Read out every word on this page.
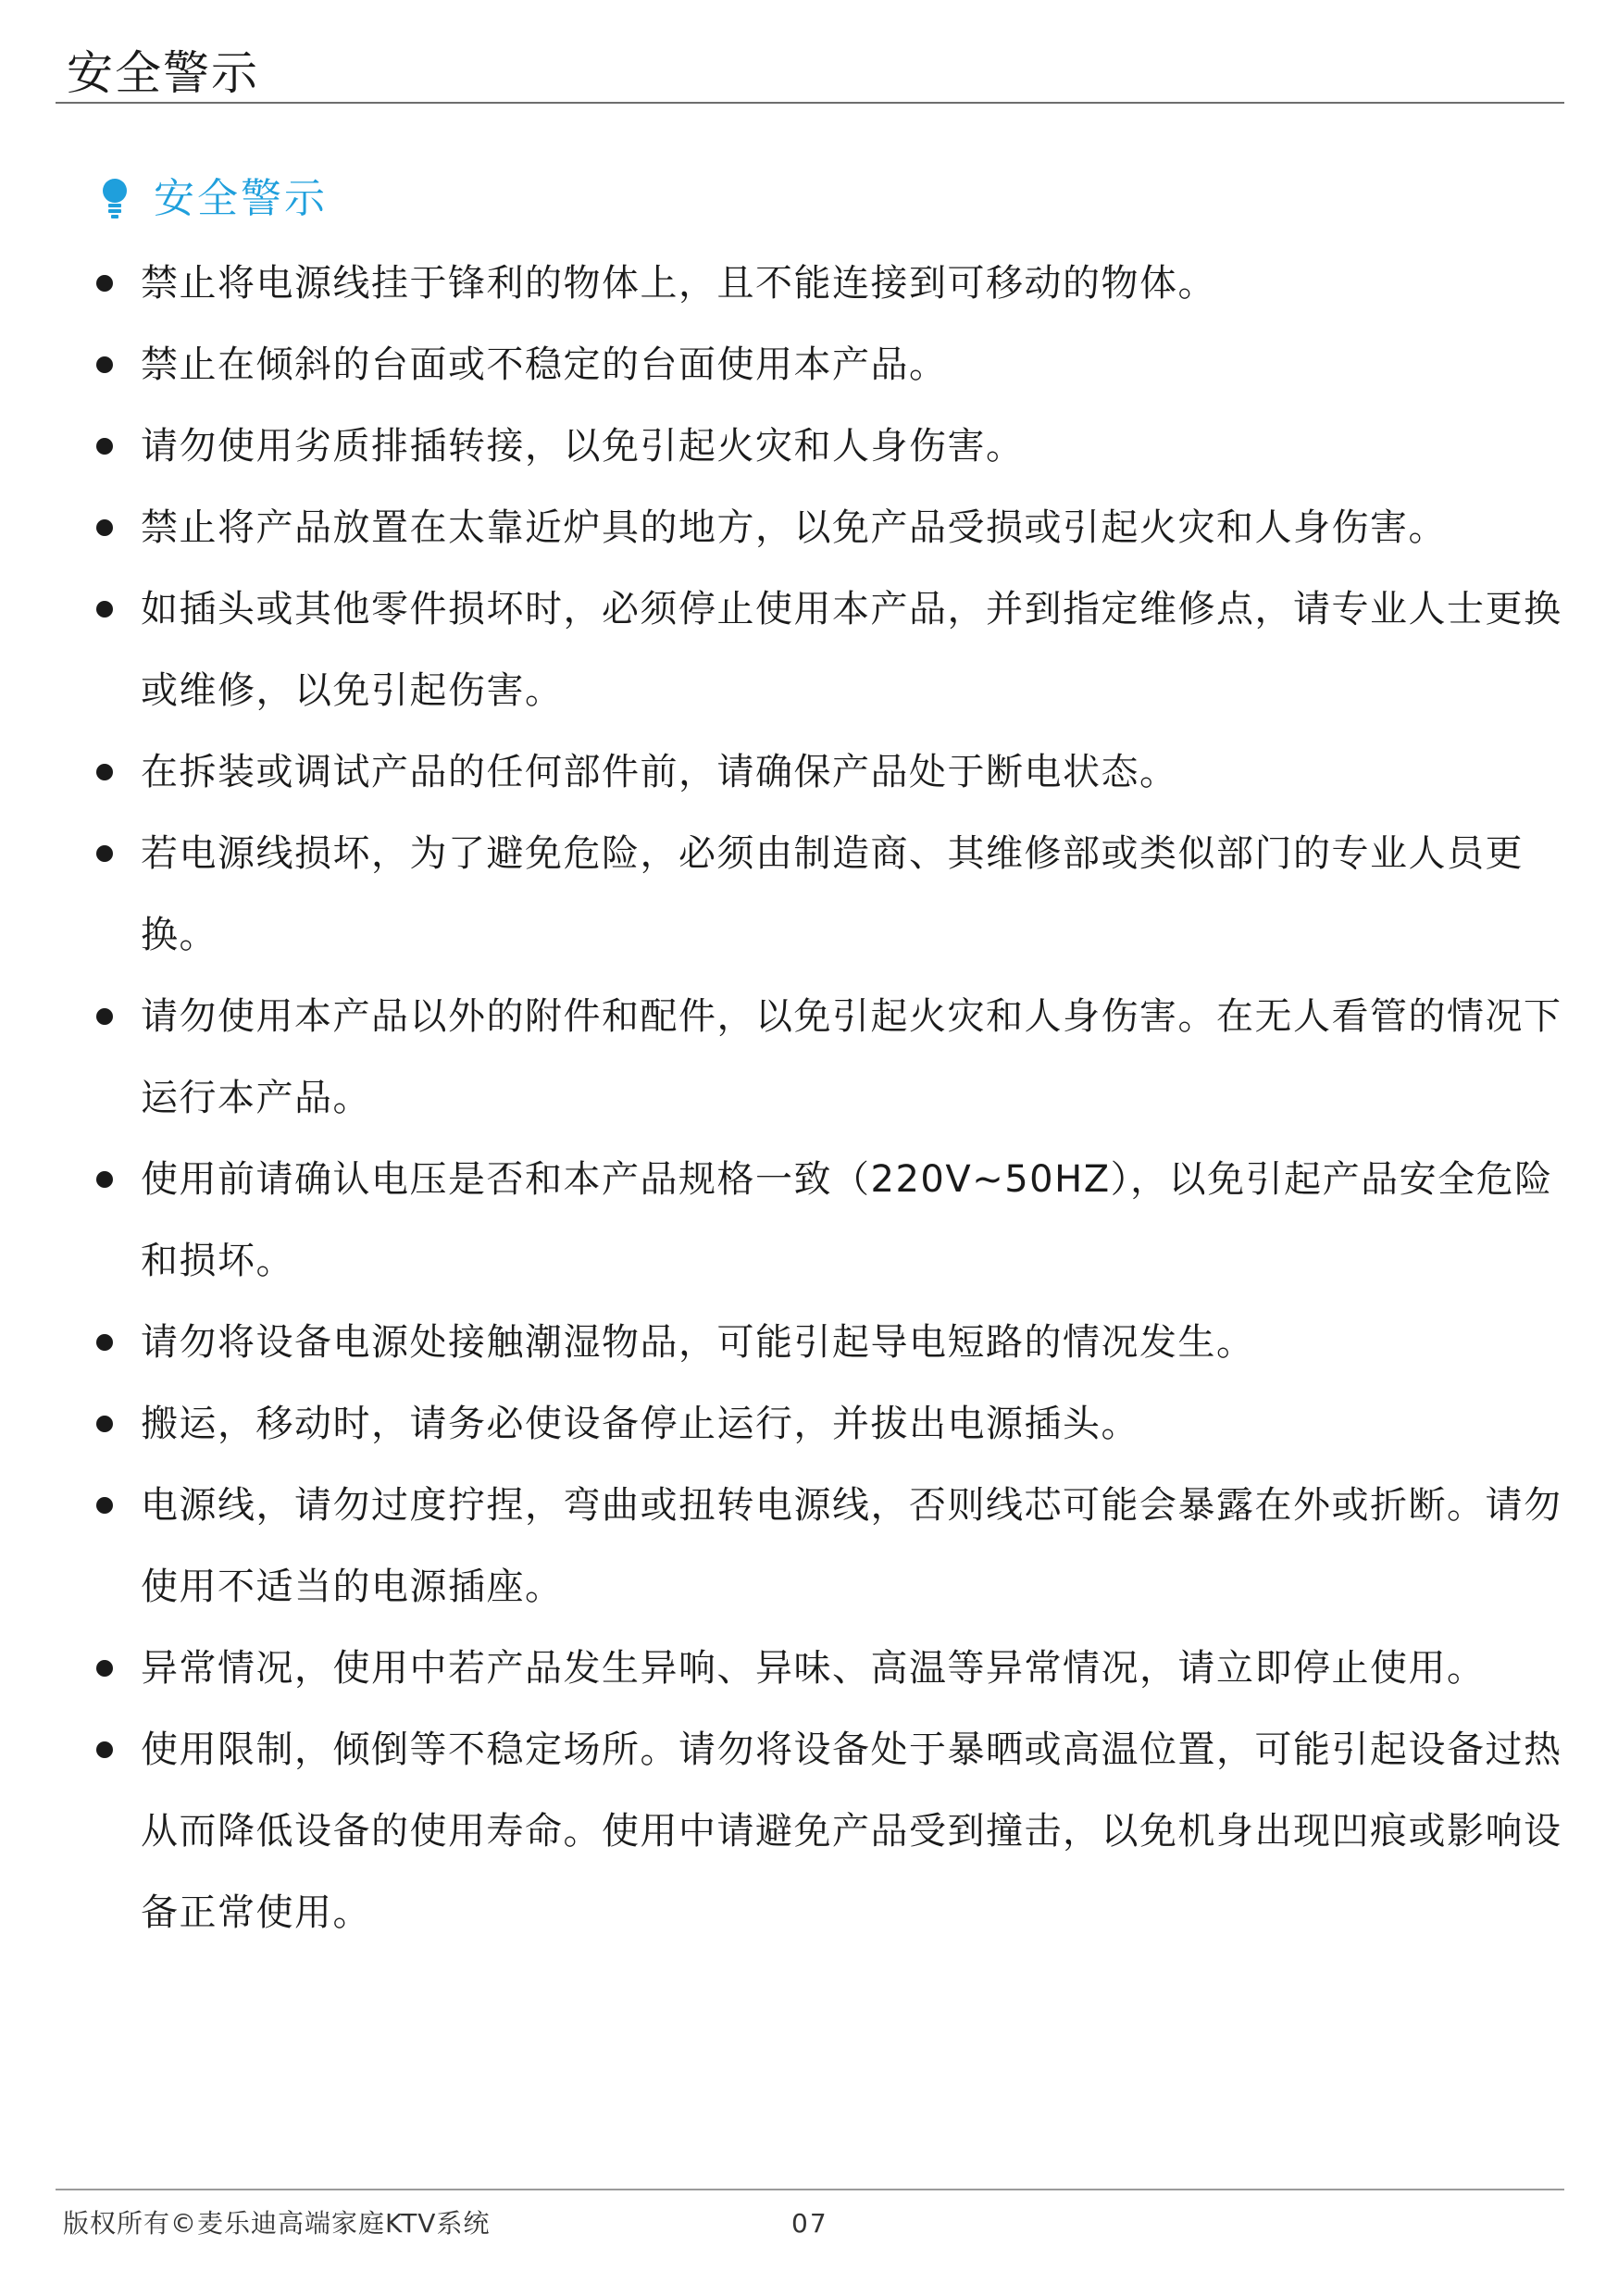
安全警示
安全警示
禁止将电源线挂于锋利的物体上，且不能连接到可移动的物体。
禁止在倾斜的台面或不稳定的台面使用本产品。
请勿使用劣质排插转接，以免引起火灾和人身伤害。
禁止将产品放置在太靠近炉具的地方，以免产品受损或引起火灾和人身伤害。
如插头或其他零件损坏时，必须停止使用本产品，并到指定维修点，请专业人士更换或维修，以免引起伤害。
在拆装或调试产品的任何部件前，请确保产品处于断电状态。
若电源线损坏，为了避免危险，必须由制造商、其维修部或类似部门的专业人员更换。
请勿使用本产品以外的附件和配件，以免引起火灾和人身伤害。在无人看管的情况下运行本产品。
使用前请确认电压是否和本产品规格一致（220V~50HZ），以免引起产品安全危险和损坏。
请勿将设备电源处接触潮湿物品，可能引起导电短路的情况发生。
搬运，移动时，请务必使设备停止运行，并拔出电源插头。
电源线，请勿过度拧捏，弯曲或扭转电源线，否则线芯可能会暴露在外或折断。请勿使用不适当的电源插座。
异常情况，使用中若产品发生异响、异味、高温等异常情况，请立即停止使用。
使用限制，倾倒等不稳定场所。请勿将设备处于暴晒或高温位置，可能引起设备过热从而降低设备的使用寿命。使用中请避免产品受到撞击，以免机身出现凹痕或影响设备正常使用。
版权所有©麦乐迪高端家庭KTV系统	07
